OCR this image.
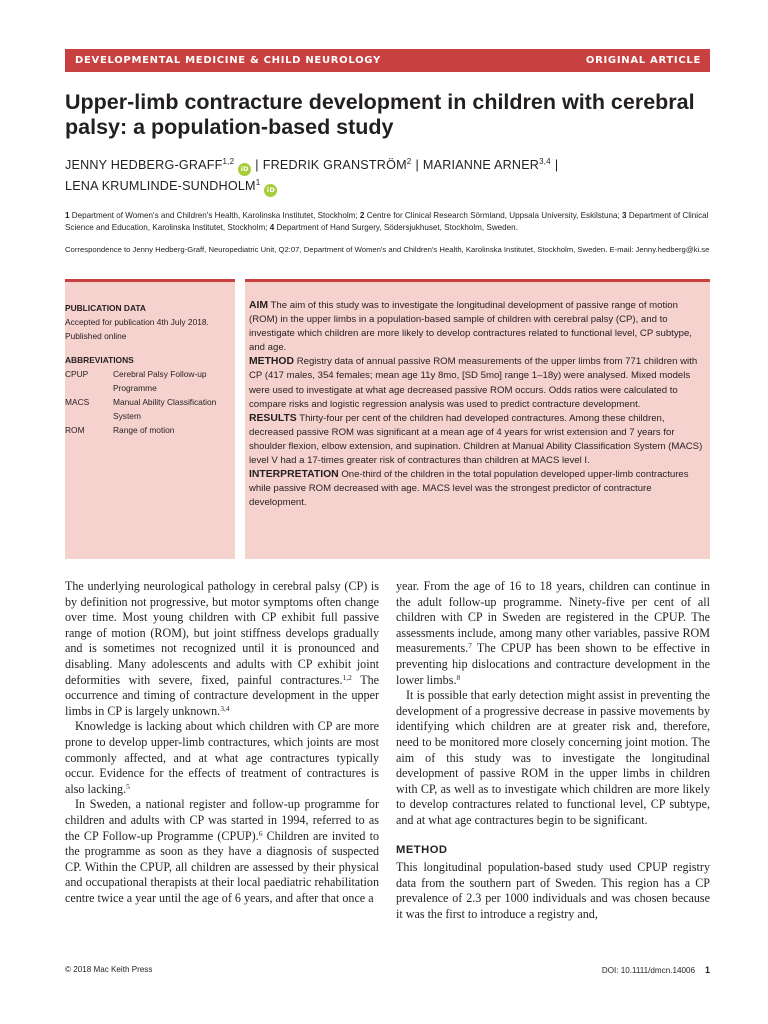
DEVELOPMENTAL MEDICINE & CHILD NEUROLOGY	ORIGINAL ARTICLE
Upper-limb contracture development in children with cerebral palsy: a population-based study
JENNY HEDBERG-GRAFF$^{1,2}$iD | FREDRIK GRANSTRÖM$^2$ | MARIANNE ARNER$^{3,4}$ |
LENA KRUMLINDE-SUNDHOLM$^1$iD
1 Department of Women's and Children's Health, Karolinska Institutet, Stockholm; 2 Centre for Clinical Research Sörmland, Uppsala University, Eskilstuna; 3 Department of Clinical Science and Education, Karolinska Institutet, Stockholm; 4 Department of Hand Surgery, Södersjukhuset, Stockholm, Sweden.
Correspondence to Jenny Hedberg-Graff, Neuropediatric Unit, Q2:07, Department of Women's and Children's Health, Karolinska Institutet, Stockholm, Sweden. E-mail: Jenny.hedberg@ki.se
PUBLICATION DATA
Accepted for publication 4th July 2018.
Published online
ABBREVIATIONS
CPUP	Cerebral Palsy Follow-up Programme
MACS	Manual Ability Classification System
ROM	Range of motion

AIM The aim of this study was to investigate the longitudinal development of passive range of motion (ROM) in the upper limbs in a population-based sample of children with cerebral palsy (CP), and to investigate which children are more likely to develop contractures related to functional level, CP subtype, and age.

METHOD Registry data of annual passive ROM measurements of the upper limbs from 771 children with CP (417 males, 354 females; mean age 11y 8mo, [SD 5mo] range 1–18y) were analysed. Mixed models were used to investigate at what age decreased passive ROM occurs. Odds ratios were calculated to compare risks and logistic regression analysis was used to predict contracture development.

RESULTS Thirty-four per cent of the children had developed contractures. Among these children, decreased passive ROM was significant at a mean age of 4 years for wrist extension and 7 years for shoulder flexion, elbow extension, and supination. Children at Manual Ability Classification System (MACS) level V had a 17-times greater risk of contractures than children at MACS level I.

INTERPRETATION One-third of the children in the total population developed upper-limb contractures while passive ROM decreased with age. MACS level was the strongest predictor of contracture development.

The underlying neurological pathology in cerebral palsy (CP) is by definition not progressive, but motor symptoms often change over time. Most young children with CP exhibit full passive range of motion (ROM), but joint stiffness develops gradually and is sometimes not recognized until it is pronounced and disabling. Many adolescents and adults with CP exhibit joint deformities with severe, fixed, painful contractures.$^{1,2}$ The occurrence and timing of contracture development in the upper limbs in CP is largely unknown.$^{3,4}$

Knowledge is lacking about which children with CP are more prone to develop upper-limb contractures, which joints are most commonly affected, and at what age contractures typically occur. Evidence for the effects of treatment of contractures is also lacking.$^5$

In Sweden, a national register and follow-up programme for children and adults with CP was started in 1994, referred to as the CP Follow-up Programme (CPUP).$^6$ Children are invited to the programme as soon as they have a diagnosis of suspected CP. Within the CPUP, all children are assessed by their physical and occupational therapists at their local paediatric rehabilitation centre twice a year until the age of 6 years, and after that once a

year. From the age of 16 to 18 years, children can continue in the adult follow-up programme. Ninety-five per cent of all children with CP in Sweden are registered in the CPUP. The assessments include, among many other variables, passive ROM measurements.$^7$ The CPUP has been shown to be effective in preventing hip dislocations and contracture development in the lower limbs.$^8$

It is possible that early detection might assist in preventing the development of a progressive decrease in passive movements by identifying which children are at greater risk and, therefore, need to be monitored more closely concerning joint motion. The aim of this study was to investigate the longitudinal development of passive ROM in the upper limbs in children with CP, as well as to investigate which children are more likely to develop contractures related to functional level, CP subtype, and at what age contractures begin to be significant.

METHOD

This longitudinal population-based study used CPUP registry data from the southern part of Sweden. This region has a CP prevalence of 2.3 per 1000 individuals and was chosen because it was the first to introduce a registry and,

© 2018 Mac Keith Press	DOI: 10.1111/dmcn.14006 1
